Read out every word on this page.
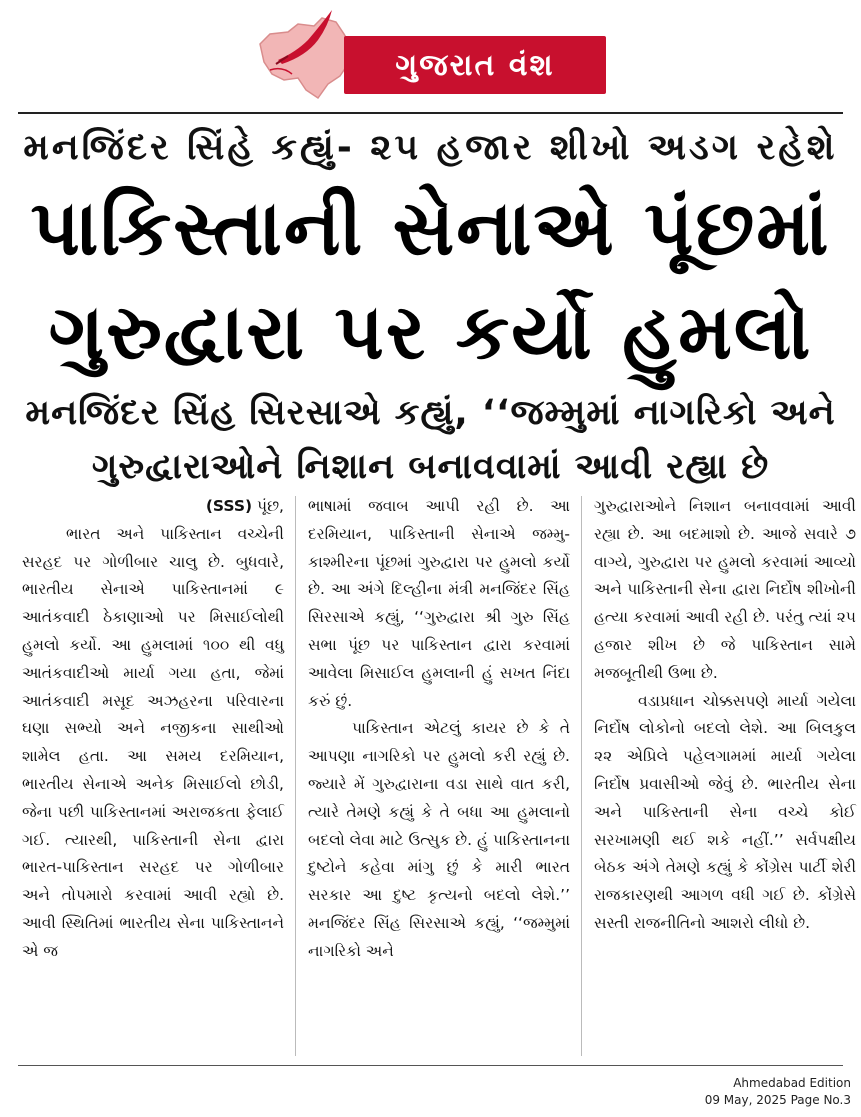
ગુજરાત વંશ
મનજિંદર સિંહે કહ્યું- ૨૫ હજાર શીખો અડગ રહેશે
પાકિસ્તાની સેનાએ પૂંછમાં
ગુરુદ્વારા પર કર્યો હુમલો
મનજિંદર સિંહ સિરસાએ કહ્યું, ‘‘જમ્મુમાં નાગરિકો અને
ગુરુદ્વારાઓને નિશાન બનાવવામાં આવી રહ્યા છે

(SSS) પૂંછ,

ભારત અને પાકિસ્તાન વચ્ચેની સરહદ પર ગોળીબાર ચાલુ છે. બુધવારે, ભારતીય સેનાએ પાકિસ્તાનમાં ૯ આતંકવાદી ઠેકાણાઓ પર મિસાઈલોથી હુમલો કર્યો. આ હુમલામાં ૧૦૦ થી વધુ આતંકવાદીઓ માર્યા ગયા હતા, જેમાં આતંકવાદી મસૂદ અઝહરના પરિવારના ઘણા સભ્યો અને નજીકના સાથીઓ શામેલ હતા. આ સમય દરમિયાન, ભારતીય સેનાએ અનેક મિસાઈલો છોડી, જેના પછી પાકિસ્તાનમાં અરાજકતા ફેલાઈ ગઈ. ત્યારથી, પાકિસ્તાની સેના દ્વારા ભારત-પાકિસ્તાન સરહદ પર ગોળીબાર અને તોપમારો કરવામાં આવી રહ્યો છે. આવી સ્થિતિમાં ભારતીય સેના પાકિસ્તાનને એ જ

ભાષામાં જવાબ આપી રહી છે. આ દરમિયાન, પાકિસ્તાની સેનાએ જમ્મુ-કાશ્મીરના પૂંછમાં ગુરુદ્વારા પર હુમલો કર્યો છે. આ અંગે દિલ્હીના મંત્રી મનજિંદર સિંહ સિરસાએ કહ્યું, ‘‘ગુરુદ્વારા શ્રી ગુરુ સિંહ સભા પૂંછ પર પાકિસ્તાન દ્વારા કરવામાં આવેલા મિસાઈલ હુમલાની હું સખત નિંદા કરું છું.

પાકિસ્તાન એટલું કાયર છે કે તે આપણા નાગરિકો પર હુમલો કરી રહ્યું છે. જ્યારે મેં ગુરુદ્વારાના વડા સાથે વાત કરી, ત્યારે તેમણે કહ્યું કે તે બધા આ હુમલાનો બદલો લેવા માટે ઉત્સુક છે. હું પાકિસ્તાનના દુષ્ટોને કહેવા માંગુ છું કે મારી ભારત સરકાર આ દુષ્ટ કૃત્યનો બદલો લેશે.’’ મનજિંદર સિંહ સિરસાએ કહ્યું, ‘‘જમ્મુમાં નાગરિકો અને

ગુરુદ્વારાઓને નિશાન બનાવવામાં આવી રહ્યા છે. આ બદમાશો છે. આજે સવારે ૭ વાગ્યે, ગુરુદ્વારા પર હુમલો કરવામાં આવ્યો અને પાકિસ્તાની સેના દ્વારા નિર્દોષ શીખોની હત્યા કરવામાં આવી રહી છે. પરંતુ ત્યાં ૨૫ હજાર શીખ છે જે પાકિસ્તાન સામે મજબૂતીથી ઉભા છે.

વડાપ્રધાન ચોક્કસપણે માર્યા ગયેલા નિર્દોષ લોકોનો બદલો લેશે. આ બિલકુલ ૨૨ એપ્રિલે પહેલગામમાં માર્યા ગયેલા નિર્દોષ પ્રવાસીઓ જેવું છે. ભારતીય સેના અને પાકિસ્તાની સેના વચ્ચે કોઈ સરખામણી થઈ શકે નહીં.’’ સર્વપક્ષીય બેઠક અંગે તેમણે કહ્યું કે કોંગ્રેસ પાર્ટી શેરી રાજકારણથી આગળ વધી ગઈ છે. કોંગ્રેસે સસ્તી રાજનીતિનો આશરો લીધો છે.

Ahmedabad Edition
09 May, 2025 Page No.3
